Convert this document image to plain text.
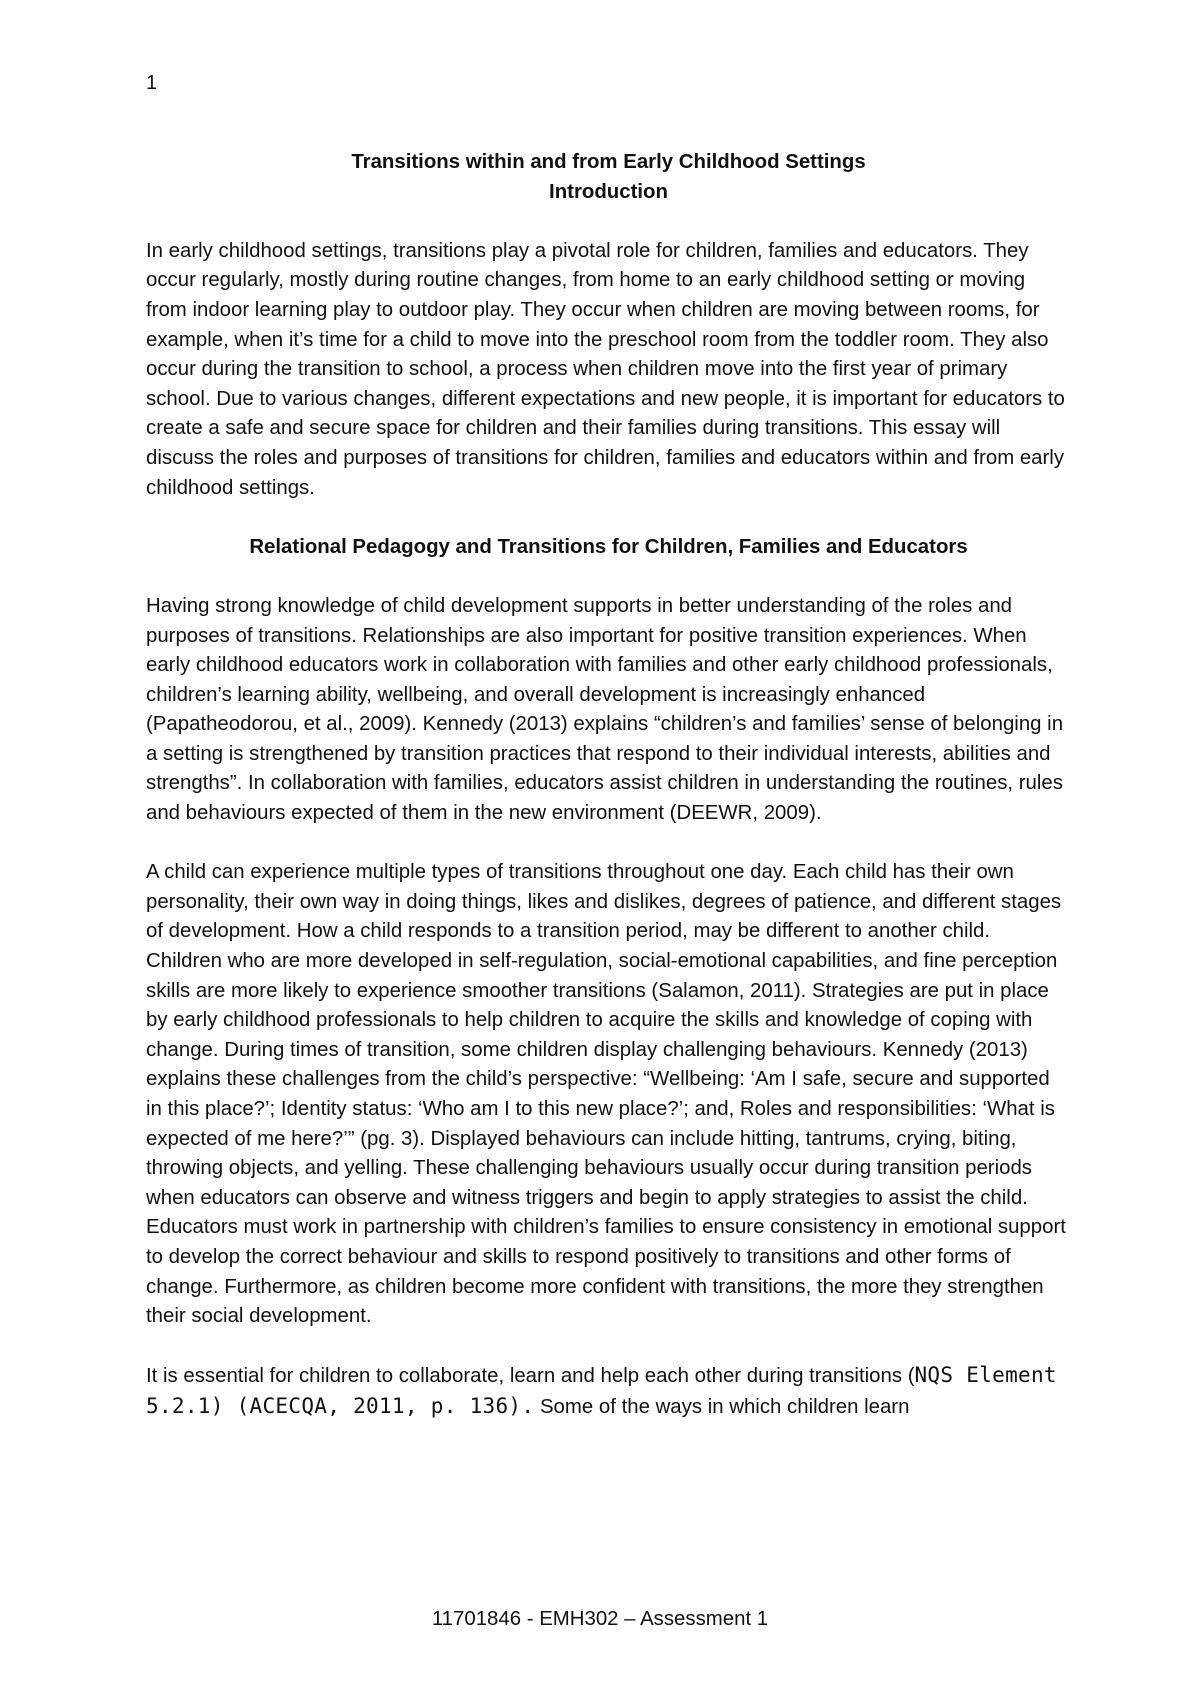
1

Transitions within and from Early Childhood Settings

Introduction

In early childhood settings, transitions play a pivotal role for children, families and educators. They occur regularly, mostly during routine changes, from home to an early childhood setting or moving from indoor learning play to outdoor play. They occur when children are moving between rooms, for example, when it’s time for a child to move into the preschool room from the toddler room. They also occur during the transition to school, a process when children move into the first year of primary school. Due to various changes, different expectations and new people, it is important for educators to create a safe and secure space for children and their families during transitions. This essay will discuss the roles and purposes of transitions for children, families and educators within and from early childhood settings.

Relational Pedagogy and Transitions for Children, Families and Educators

Having strong knowledge of child development supports in better understanding of the roles and purposes of transitions. Relationships are also important for positive transition experiences. When early childhood educators work in collaboration with families and other early childhood professionals, children’s learning ability, wellbeing, and overall development is increasingly enhanced (Papatheodorou, et al., 2009). Kennedy (2013) explains “children’s and families’ sense of belonging in a setting is strengthened by transition practices that respond to their individual interests, abilities and strengths”. In collaboration with families, educators assist children in understanding the routines, rules and behaviours expected of them in the new environment (DEEWR, 2009).

A child can experience multiple types of transitions throughout one day. Each child has their own personality, their own way in doing things, likes and dislikes, degrees of patience, and different stages of development. How a child responds to a transition period, may be different to another child. Children who are more developed in self-regulation, social-emotional capabilities, and fine perception skills are more likely to experience smoother transitions (Salamon, 2011). Strategies are put in place by early childhood professionals to help children to acquire the skills and knowledge of coping with change. During times of transition, some children display challenging behaviours. Kennedy (2013) explains these challenges from the child’s perspective: “Wellbeing: ‘Am I safe, secure and supported in this place?’; Identity status: ‘Who am I to this new place?’; and, Roles and responsibilities: ‘What is expected of me here?’” (pg. 3). Displayed behaviours can include hitting, tantrums, crying, biting, throwing objects, and yelling. These challenging behaviours usually occur during transition periods when educators can observe and witness triggers and begin to apply strategies to assist the child. Educators must work in partnership with children’s families to ensure consistency in emotional support to develop the correct behaviour and skills to respond positively to transitions and other forms of change. Furthermore, as children become more confident with transitions, the more they strengthen their social development.

It is essential for children to collaborate, learn and help each other during transitions (NQS Element 5.2.1) (ACECQA, 2011, p. 136). Some of the ways in which children learn

11701846 - EMH302 – Assessment 1
